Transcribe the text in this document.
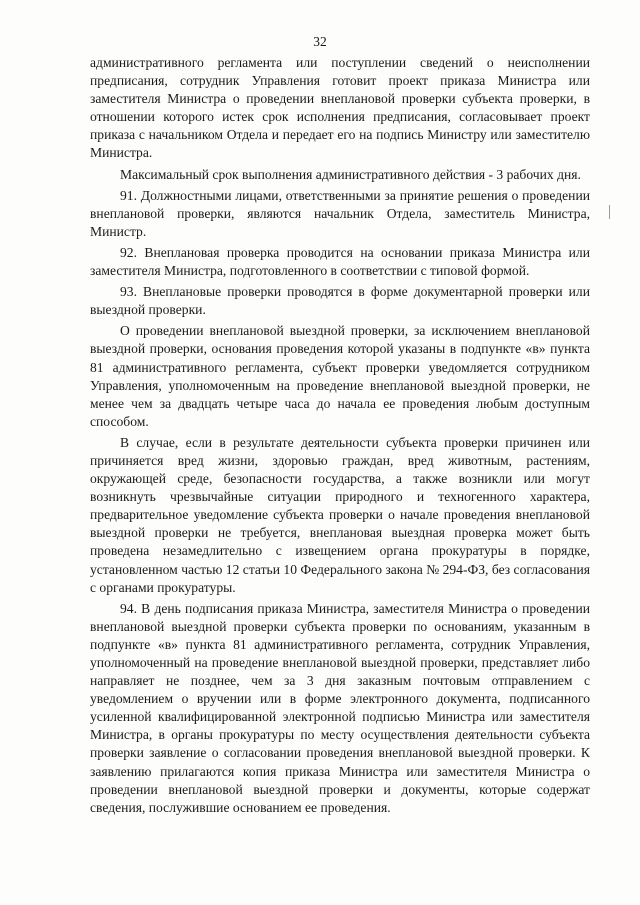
32

административного регламента или поступлении сведений о неисполнении предписания, сотрудник Управления готовит проект приказа Министра или заместителя Министра о проведении внеплановой проверки субъекта проверки, в отношении которого истек срок исполнения предписания, согласовывает проект приказа с начальником Отдела и передает его на подпись Министру или заместителю Министра.

Максимальный срок выполнения административного действия - 3 рабочих дня.

91. Должностными лицами, ответственными за принятие решения о проведении внеплановой проверки, являются начальник Отдела, заместитель Министра, Министр.

92. Внеплановая проверка проводится на основании приказа Министра или заместителя Министра, подготовленного в соответствии с типовой формой.

93. Внеплановые проверки проводятся в форме документарной проверки или выездной проверки.

О проведении внеплановой выездной проверки, за исключением внеплановой выездной проверки, основания проведения которой указаны в подпункте «в» пункта 81 административного регламента, субъект проверки уведомляется сотрудником Управления, уполномоченным на проведение внеплановой выездной проверки, не менее чем за двадцать четыре часа до начала ее проведения любым доступным способом.

В случае, если в результате деятельности субъекта проверки причинен или причиняется вред жизни, здоровью граждан, вред животным, растениям, окружающей среде, безопасности государства, а также возникли или могут возникнуть чрезвычайные ситуации природного и техногенного характера, предварительное уведомление субъекта проверки о начале проведения внеплановой выездной проверки не требуется, внеплановая выездная проверка может быть проведена незамедлительно с извещением органа прокуратуры в порядке, установленном частью 12 статьи 10 Федерального закона № 294-ФЗ, без согласования с органами прокуратуры.

94. В день подписания приказа Министра, заместителя Министра о проведении внеплановой выездной проверки субъекта проверки по основаниям, указанным в подпункте «в» пункта 81 административного регламента, сотрудник Управления, уполномоченный на проведение внеплановой выездной проверки, представляет либо направляет не позднее, чем за 3 дня заказным почтовым отправлением с уведомлением о вручении или в форме электронного документа, подписанного усиленной квалифицированной электронной подписью Министра или заместителя Министра, в органы прокуратуры по месту осуществления деятельности субъекта проверки заявление о согласовании проведения внеплановой выездной проверки. К заявлению прилагаются копия приказа Министра или заместителя Министра о проведении внеплановой выездной проверки и документы, которые содержат сведения, послужившие основанием ее проведения.
